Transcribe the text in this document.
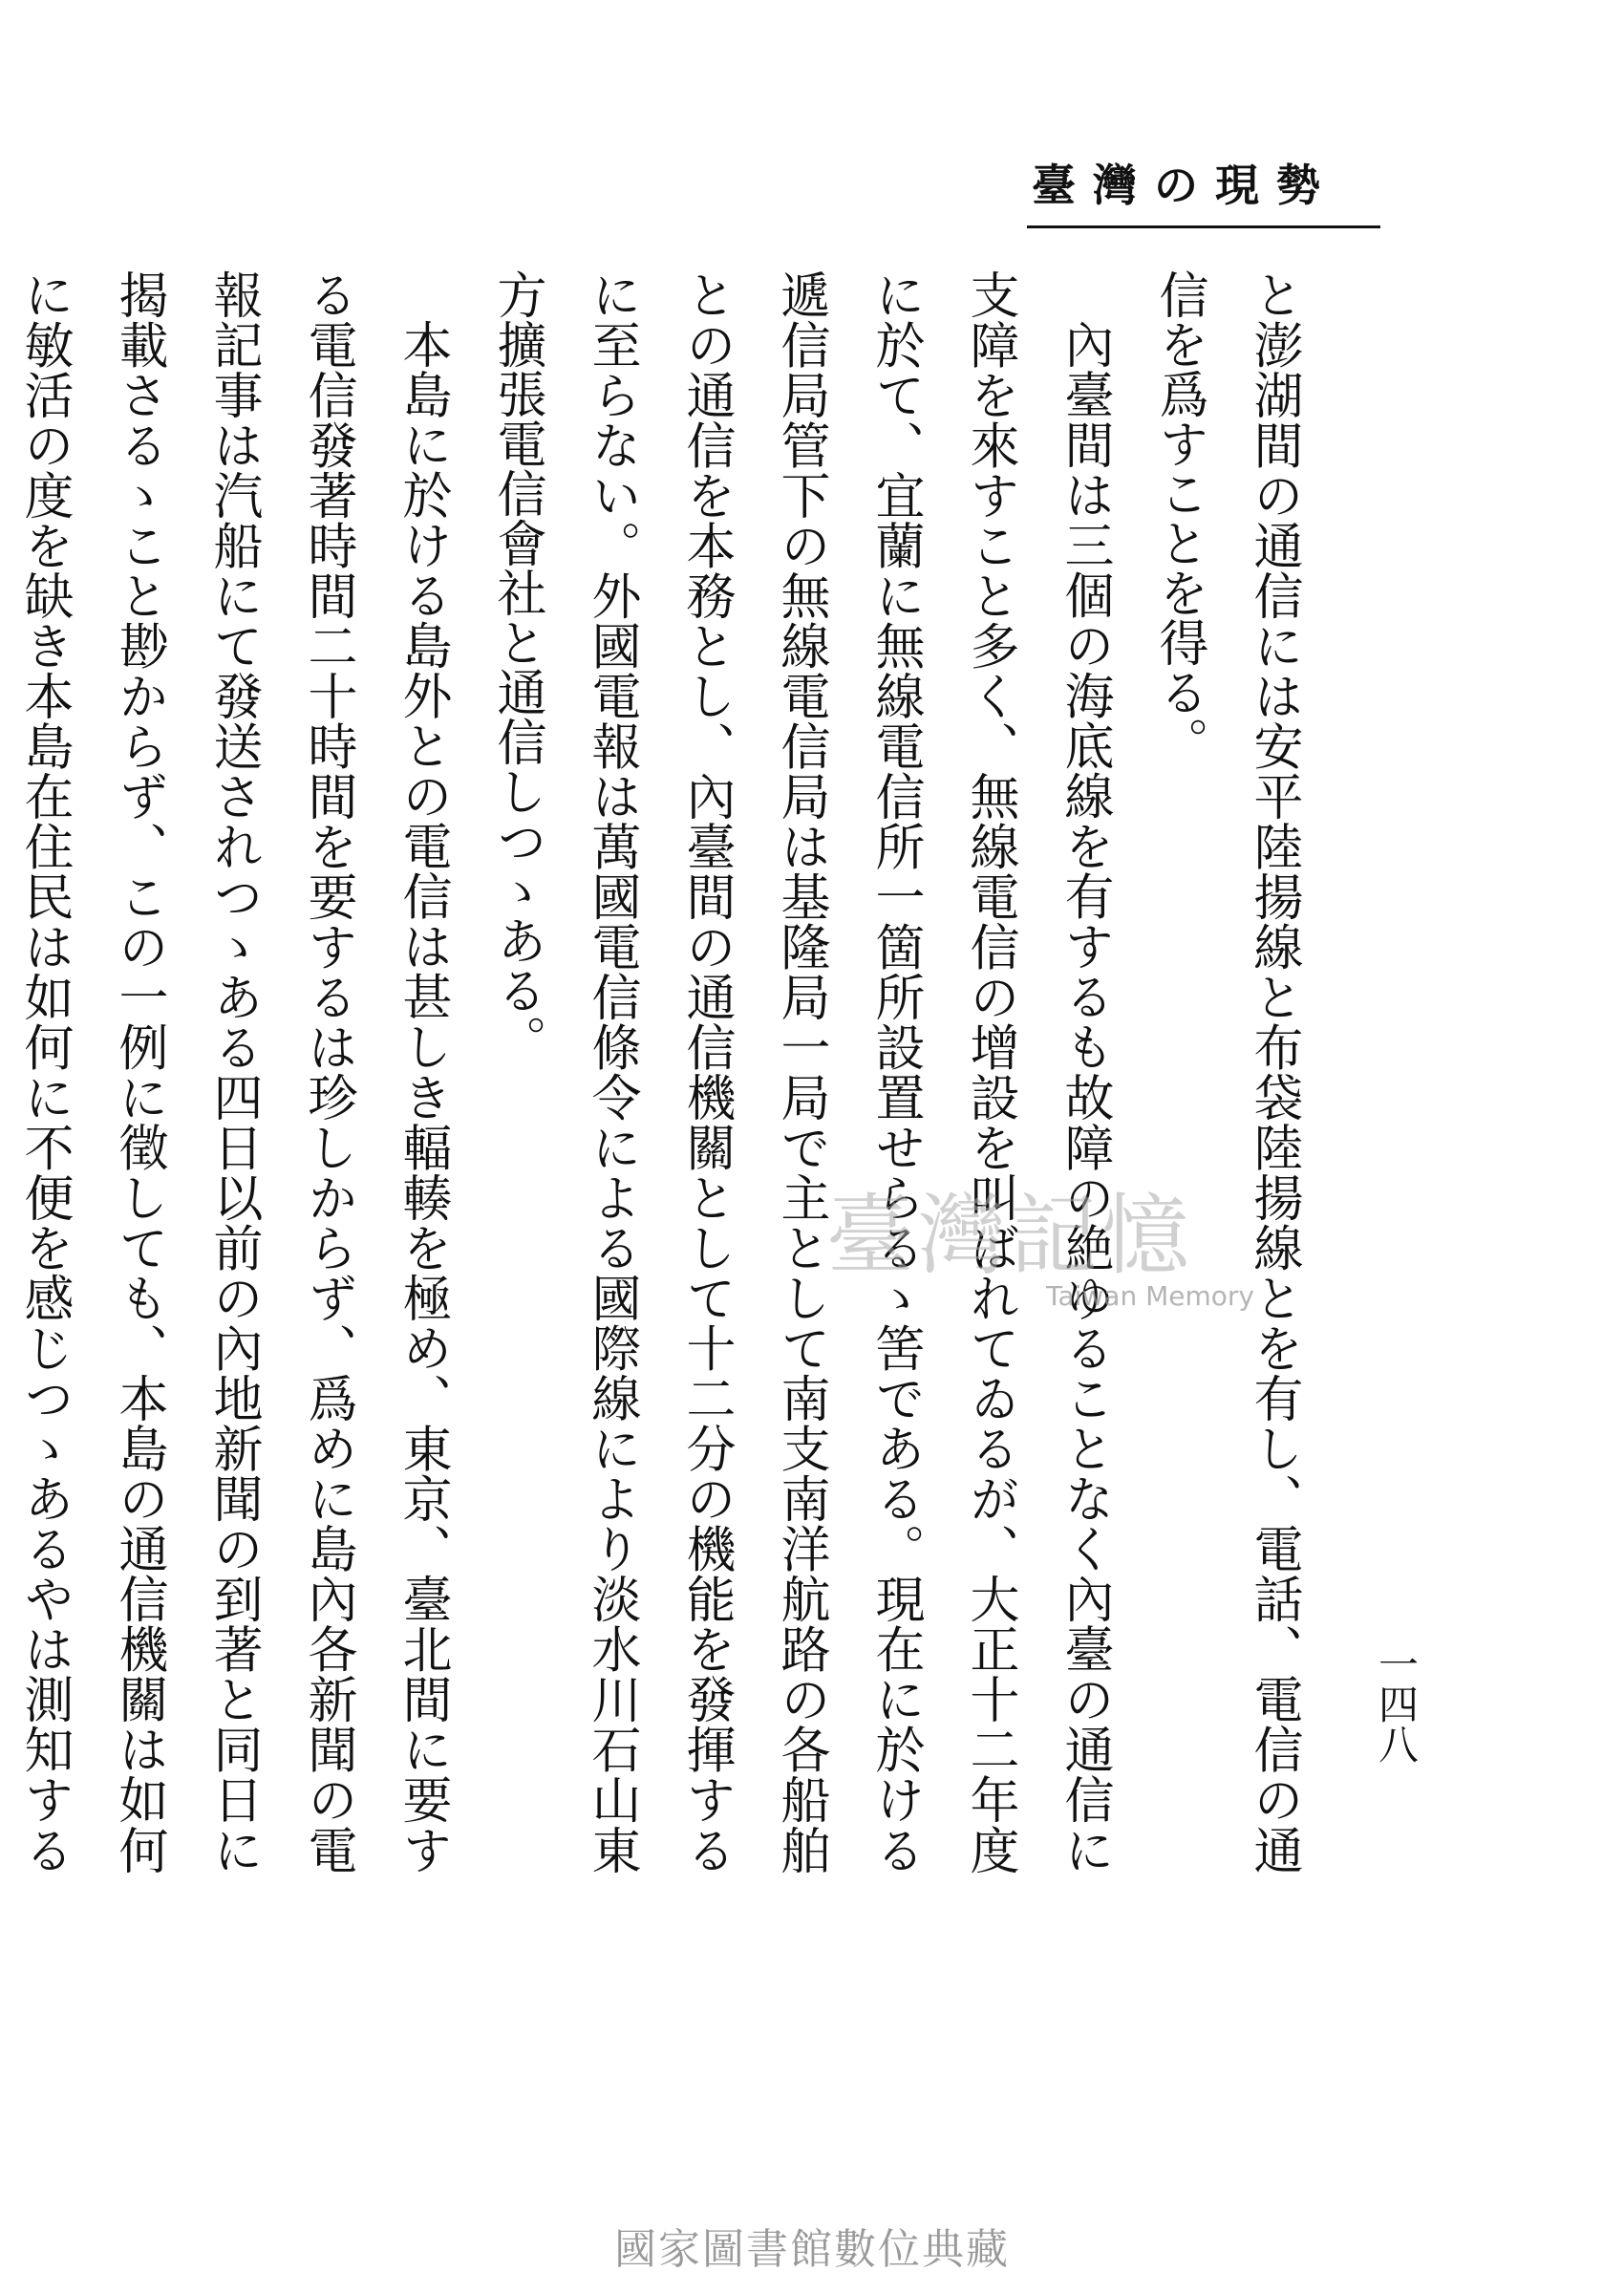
臺灣の現勢
一四八

と澎湖間の通信には安平陸揚線と布袋陸揚線とを有し、電話、電信の通信を爲すことを得る。

內臺間は三個の海底線を有するも故障の絶ゆることなく內臺の通信に支障を來すこと多く、無線電信の增設を叫ばれてゐるが、大正十二年度に於て、宜蘭に無線電信所一箇所設置せらるゝ筈である。現在に於ける遞信局管下の無線電信局は基隆局一局で主として南支南洋航路の各船舶との通信を本務とし、內臺間の通信機關として十二分の機能を發揮するに至らない。外國電報は萬國電信條令による國際線により淡水川石山東方擴張電信會社と通信しつゝある。

本島に於ける島外との電信は甚しき輻輳を極め、東京、臺北間に要する電信發著時間二十時間を要するは珍しからず、爲めに島內各新聞の電報記事は汽船にて發送されつゝある四日以前の內地新聞の到著と同日に揭載さるゝこと尠からず、この一例に徵しても、本島の通信機關は如何に敏活の度を缺き本島在住民は如何に不便を感じつゝあるやは測知する

臺灣記憶
Taiwan Memory
國家圖書館數位典藏
